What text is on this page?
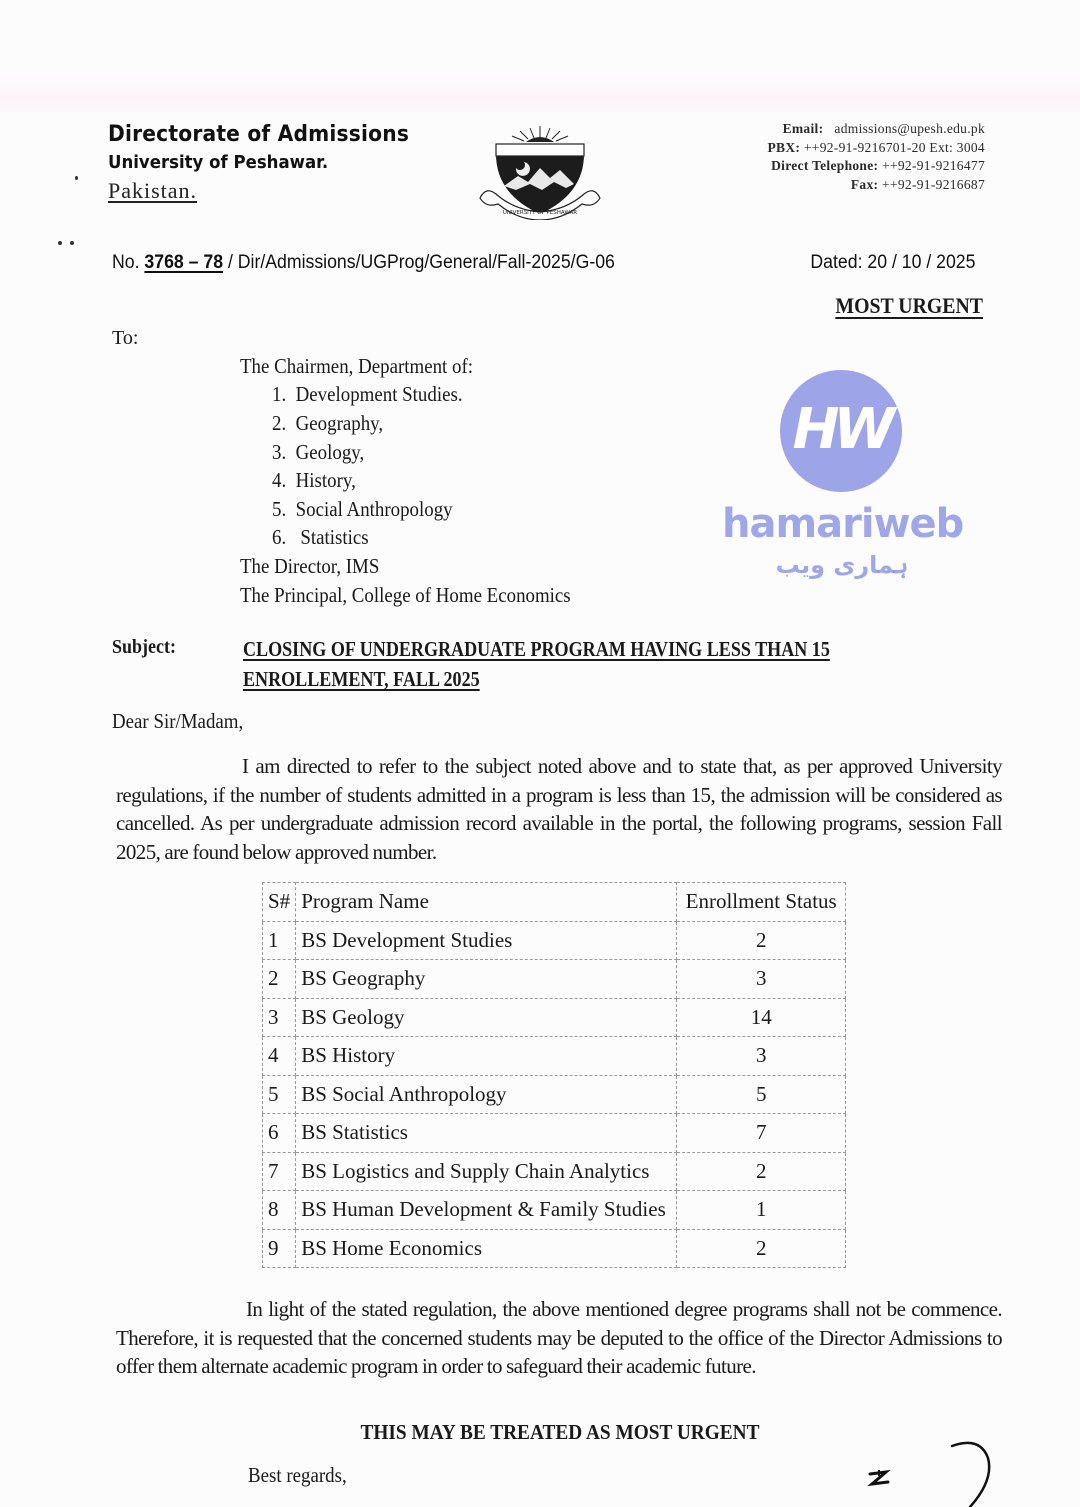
Directorate of Admissions
University of Peshawar.
Pakistan.
UNIVERSITY OF PESHAWAR
Email: admissions@upesh.edu.pk
PBX: ++92-91-9216701-20 Ext: 3004
Direct Telephone: ++92-91-9216477
Fax: ++92-91-9216687
No. 3768 – 78 / Dir/Admissions/UGProg/General/Fall-2025/G-06	Dated: 20 / 10 / 2025
MOST URGENT
To:
The Chairmen, Department of:
1. Development Studies.
2. Geography,
3. Geology,
4. History,
5. Social Anthropology
6. Statistics
The Director, IMS
The Principal, College of Home Economics
Subject:	CLOSING OF UNDERGRADUATE PROGRAM HAVING LESS THAN 15
ENROLLEMENT, FALL 2025
Dear Sir/Madam,
I am directed to refer to the subject noted above and to state that, as per approved University regulations, if the number of students admitted in a program is less than 15, the admission will be considered as cancelled. As per undergraduate admission record available in the portal, the following programs, session Fall 2025, are found below approved number.
S#	Program Name	Enrollment Status
1	BS Development Studies	2
2	BS Geography	3
3	BS Geology	14
4	BS History	3
5	BS Social Anthropology	5
6	BS Statistics	7
7	BS Logistics and Supply Chain Analytics	2
8	BS Human Development & Family Studies	1
9	BS Home Economics	2
In light of the stated regulation, the above mentioned degree programs shall not be commence. Therefore, it is requested that the concerned students may be deputed to the office of the Director Admissions to offer them alternate academic program in order to safeguard their academic future.
THIS MAY BE TREATED AS MOST URGENT
Best regards,
HW
hamariweb
ہماری ویب
